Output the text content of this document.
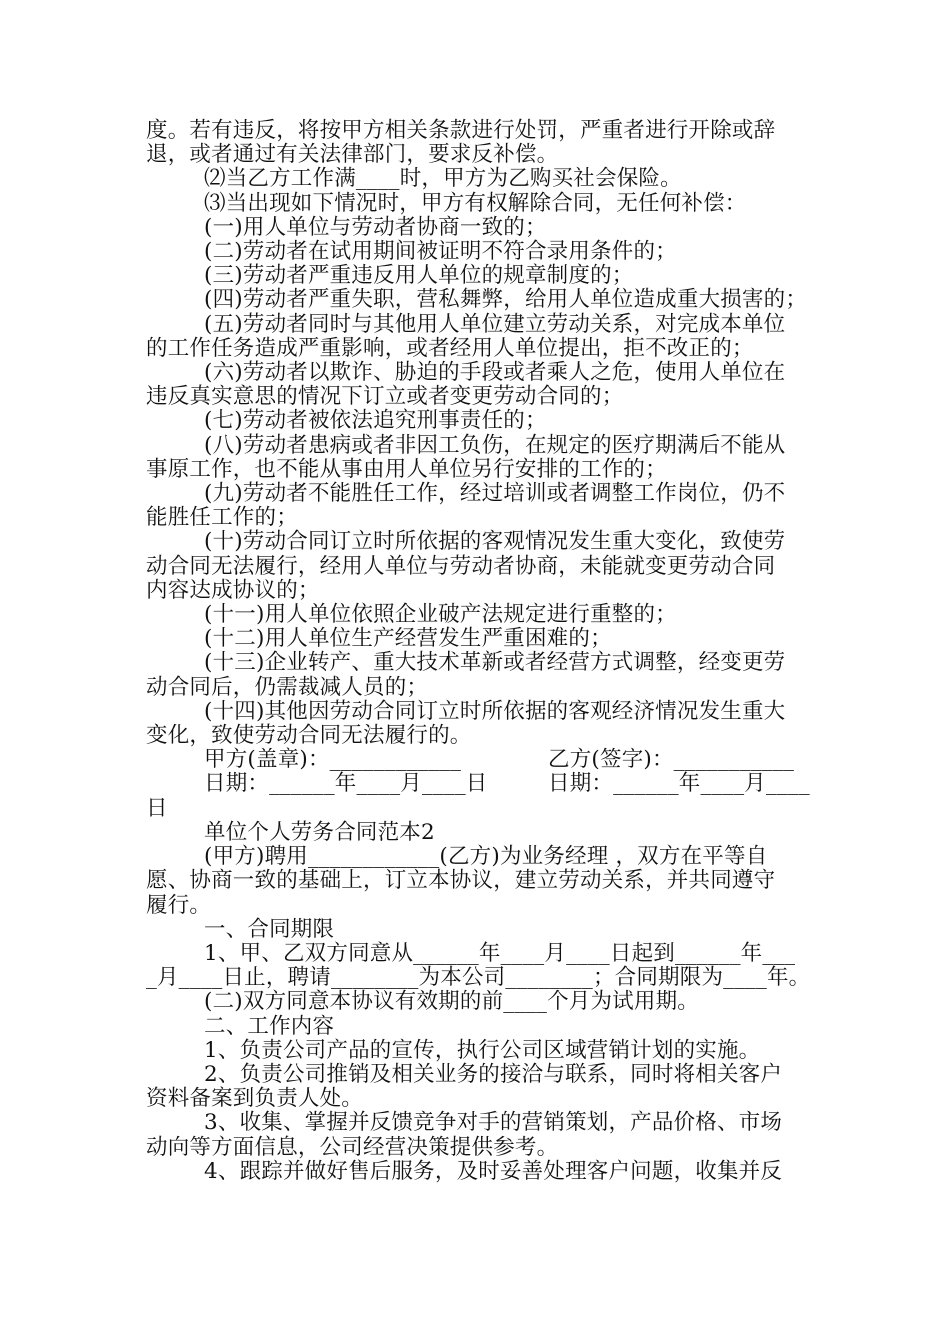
度。若有违反，将按甲方相关条款进行处罚，严重者进行开除或辞
退，或者通过有关法律部门，要求反补偿。
⑵当乙方工作满____时，甲方为乙购买社会保险。
⑶当出现如下情况时，甲方有权解除合同，无任何补偿：
(一)用人单位与劳动者协商一致的；
(二)劳动者在试用期间被证明不符合录用条件的；
(三)劳动者严重违反用人单位的规章制度的；
(四)劳动者严重失职，营私舞弊，给用人单位造成重大损害的；
(五)劳动者同时与其他用人单位建立劳动关系，对完成本单位
的工作任务造成严重影响，或者经用人单位提出，拒不改正的；
(六)劳动者以欺诈、胁迫的手段或者乘人之危，使用人单位在
违反真实意思的情况下订立或者变更劳动合同的；
(七)劳动者被依法追究刑事责任的；
(八)劳动者患病或者非因工负伤，在规定的医疗期满后不能从
事原工作，也不能从事由用人单位另行安排的工作的；
(九)劳动者不能胜任工作，经过培训或者调整工作岗位，仍不
能胜任工作的；
(十)劳动合同订立时所依据的客观情况发生重大变化，致使劳
动合同无法履行，经用人单位与劳动者协商，未能就变更劳动合同
内容达成协议的；
(十一)用人单位依照企业破产法规定进行重整的；
(十二)用人单位生产经营发生严重困难的；
(十三)企业转产、重大技术革新或者经营方式调整，经变更劳
动合同后，仍需裁减人员的；
(十四)其他因劳动合同订立时所依据的客观经济情况发生重大
变化，致使劳动合同无法履行的。
甲方(盖章)：____________	乙方(签字)：___________
日期：______年____月____日	日期：______年____月____
日
单位个人劳务合同范本2
(甲方)聘用____________(乙方)为业务经理 ，双方在平等自
愿、协商一致的基础上，订立本协议，建立劳动关系，并共同遵守
履行。
一、合同期限
1、甲、乙双方同意从______年____月____日起到______年___
_月____日止，聘请________为本公司________；合同期限为____年。
(二)双方同意本协议有效期的前____个月为试用期。
二、工作内容
1、负责公司产品的宣传，执行公司区域营销计划的实施。
2、负责公司推销及相关业务的接洽与联系，同时将相关客户
资料备案到负责人处。
3、收集、掌握并反馈竞争对手的营销策划，产品价格、市场
动向等方面信息，公司经营决策提供参考。
4、跟踪并做好售后服务，及时妥善处理客户问题，收集并反
